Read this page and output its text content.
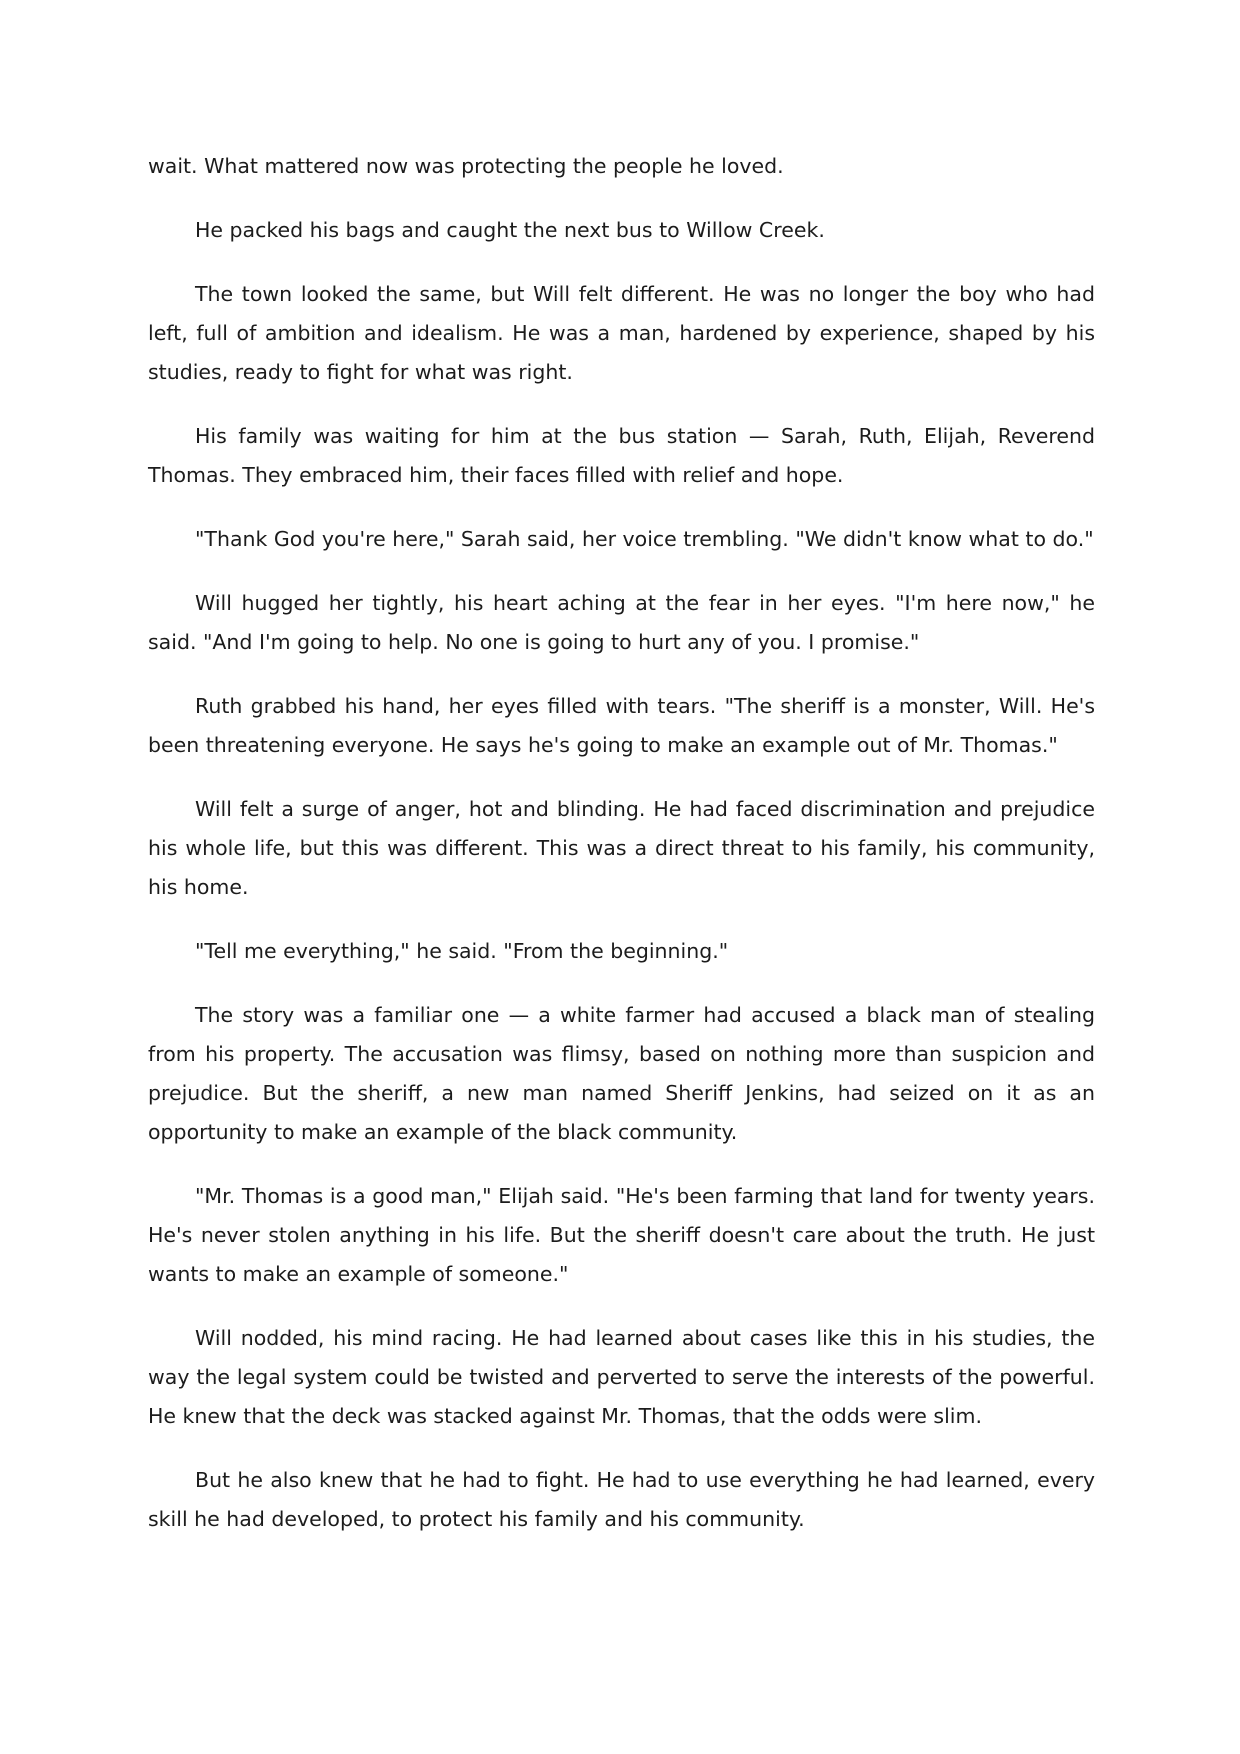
wait. What mattered now was protecting the people he loved.

He packed his bags and caught the next bus to Willow Creek.

The town looked the same, but Will felt different. He was no longer the boy who had left, full of ambition and idealism. He was a man, hardened by experience, shaped by his studies, ready to fight for what was right.

His family was waiting for him at the bus station — Sarah, Ruth, Elijah, Reverend Thomas. They embraced him, their faces filled with relief and hope.

"Thank God you're here," Sarah said, her voice trembling. "We didn't know what to do."

Will hugged her tightly, his heart aching at the fear in her eyes. "I'm here now," he said. "And I'm going to help. No one is going to hurt any of you. I promise."

Ruth grabbed his hand, her eyes filled with tears. "The sheriff is a monster, Will. He's been threatening everyone. He says he's going to make an example out of Mr. Thomas."

Will felt a surge of anger, hot and blinding. He had faced discrimination and prejudice his whole life, but this was different. This was a direct threat to his family, his community, his home.

"Tell me everything," he said. "From the beginning."

The story was a familiar one — a white farmer had accused a black man of stealing from his property. The accusation was flimsy, based on nothing more than suspicion and prejudice. But the sheriff, a new man named Sheriff Jenkins, had seized on it as an opportunity to make an example of the black community.

"Mr. Thomas is a good man," Elijah said. "He's been farming that land for twenty years. He's never stolen anything in his life. But the sheriff doesn't care about the truth. He just wants to make an example of someone."

Will nodded, his mind racing. He had learned about cases like this in his studies, the way the legal system could be twisted and perverted to serve the interests of the powerful. He knew that the deck was stacked against Mr. Thomas, that the odds were slim.

But he also knew that he had to fight. He had to use everything he had learned, every skill he had developed, to protect his family and his community.
